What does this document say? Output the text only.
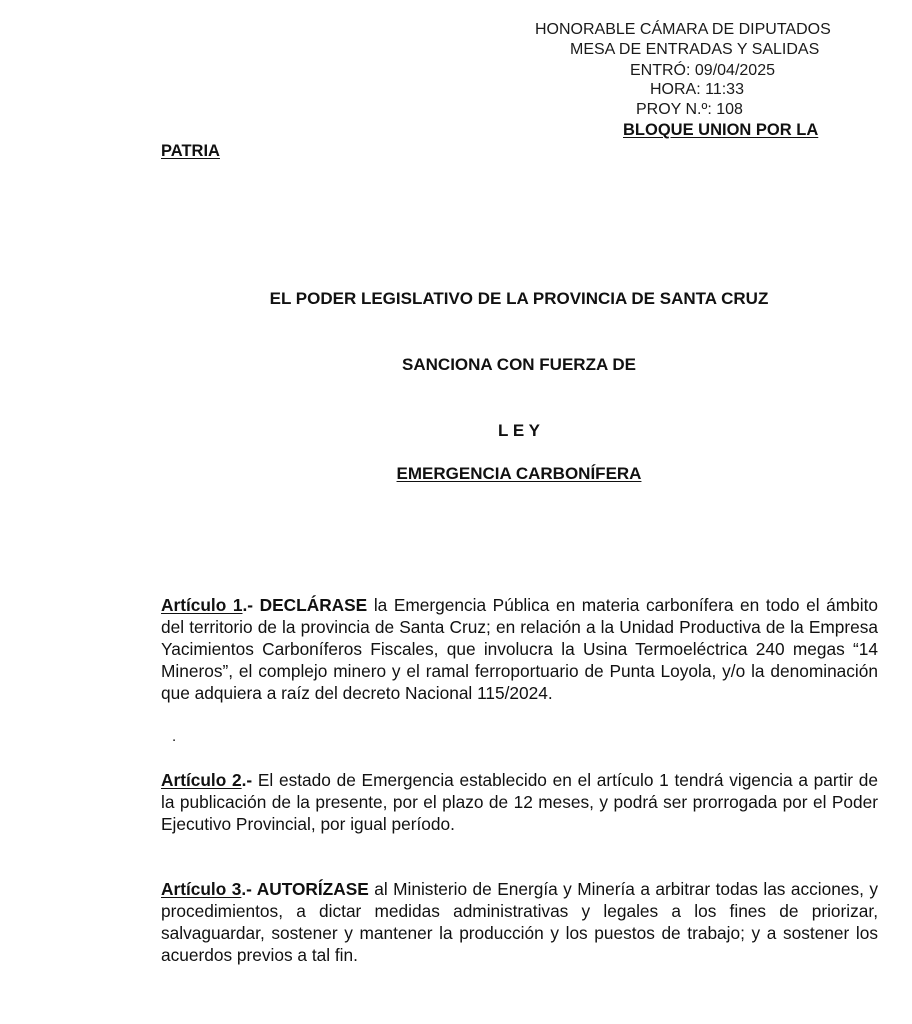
HONORABLE CÁMARA DE DIPUTADOS
MESA DE ENTRADAS Y SALIDAS
ENTRÓ: 09/04/2025
HORA: 11:33
PROY N.º: 108
BLOQUE UNION POR LA
PATRIA
EL PODER LEGISLATIVO DE LA PROVINCIA DE SANTA CRUZ
SANCIONA CON FUERZA DE
L E Y
EMERGENCIA CARBONÍFERA

Artículo 1.- DECLÁRASE la Emergencia Pública en materia carbonífera en todo el ámbito del territorio de la provincia de Santa Cruz; en relación a la Unidad Productiva de la Empresa Yacimientos Carboníferos Fiscales, que involucra la Usina Termoeléctrica 240 megas “14 Mineros”, el complejo minero y el ramal ferroportuario de Punta Loyola, y/o la denominación que adquiera a raíz del decreto Nacional 115/2024.

.

Artículo 2.- El estado de Emergencia establecido en el artículo 1 tendrá vigencia a partir de la publicación de la presente, por el plazo de 12 meses, y podrá ser prorrogada por el Poder Ejecutivo Provincial, por igual período.

Artículo 3.- AUTORÍZASE al Ministerio de Energía y Minería a arbitrar todas las acciones, y procedimientos, a dictar medidas administrativas y legales a los fines de priorizar, salvaguardar, sostener y mantener la producción y los puestos de trabajo; y a sostener los acuerdos previos a tal fin.
